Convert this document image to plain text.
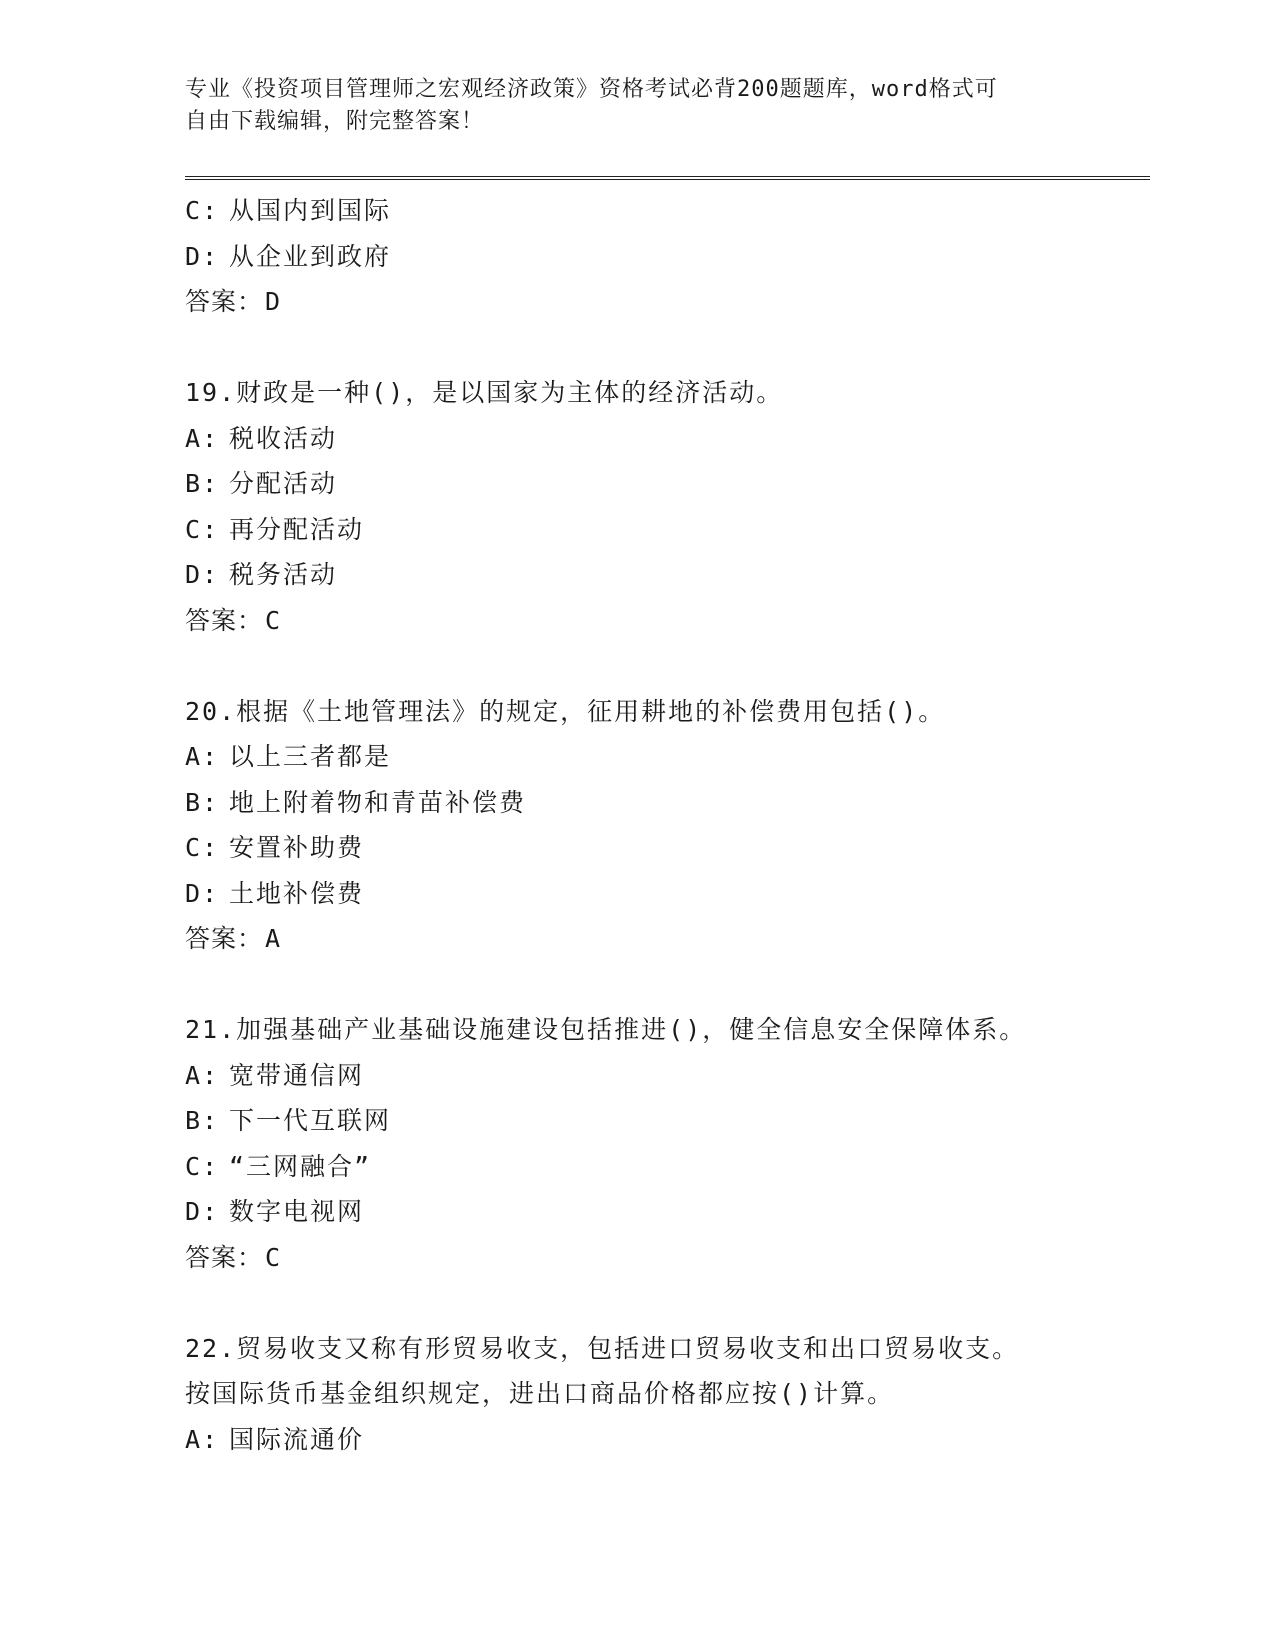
专业《投资项目管理师之宏观经济政策》资格考试必背200题题库，word格式可
自由下载编辑，附完整答案！
C: 从国内到国际
D: 从企业到政府
答案：D
19.财政是一种()，是以国家为主体的经济活动。
A: 税收活动
B: 分配活动
C: 再分配活动
D: 税务活动
答案：C
20.根据《土地管理法》的规定，征用耕地的补偿费用包括()。
A: 以上三者都是
B: 地上附着物和青苗补偿费
C: 安置补助费
D: 土地补偿费
答案：A
21.加强基础产业基础设施建设包括推进()，健全信息安全保障体系。
A: 宽带通信网
B: 下一代互联网
C: “三网融合”
D: 数字电视网
答案：C
22.贸易收支又称有形贸易收支，包括进口贸易收支和出口贸易收支。
按国际货币基金组织规定，进出口商品价格都应按()计算。
A: 国际流通价
